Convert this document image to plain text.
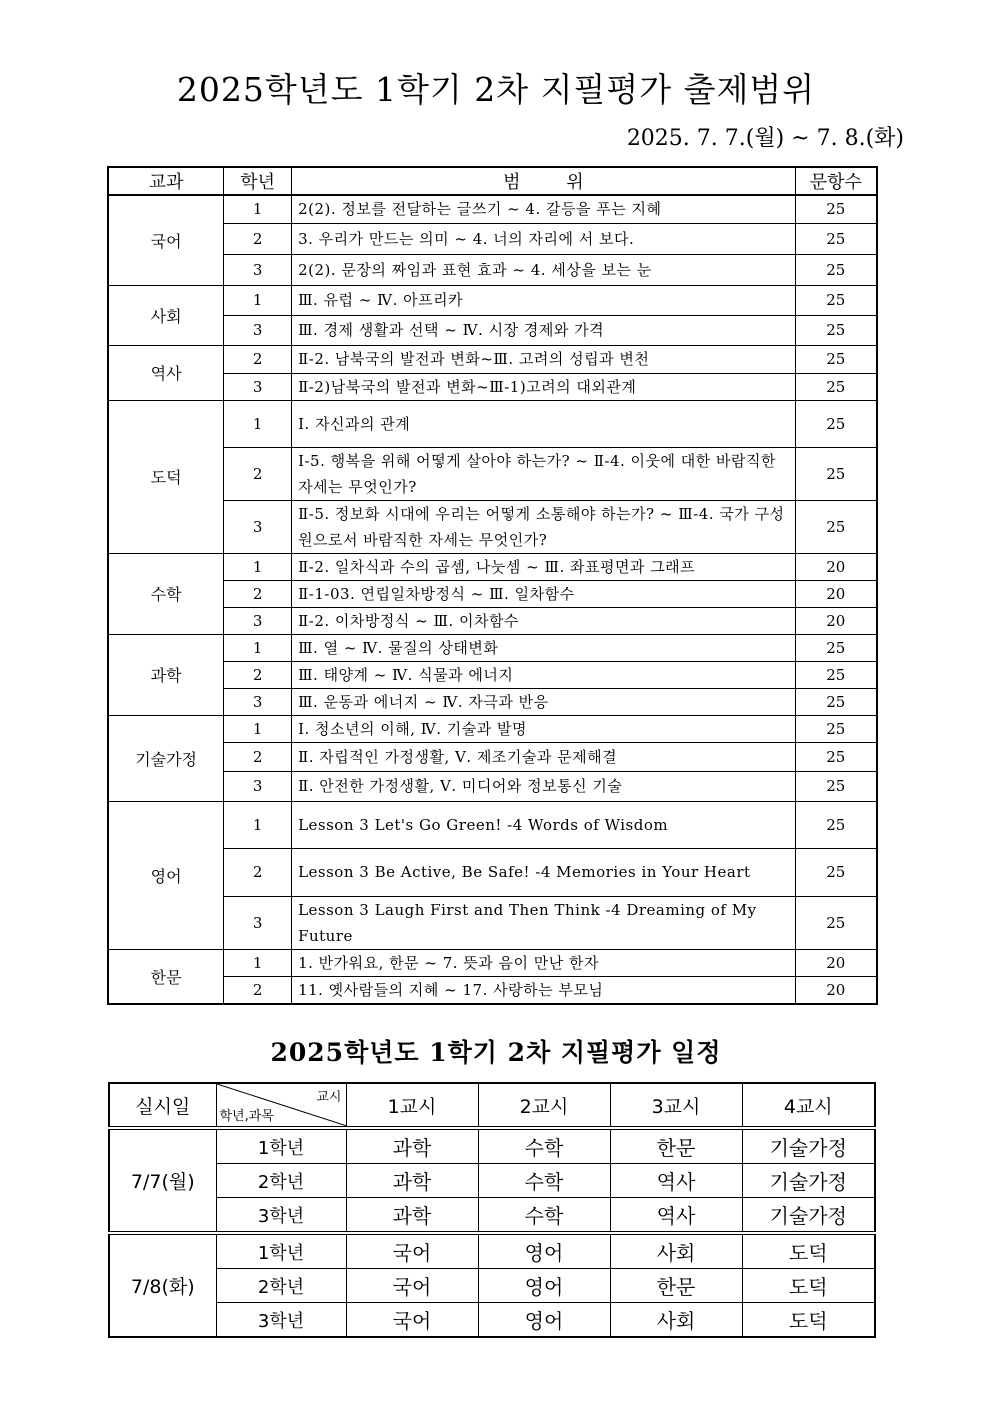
2025학년도 1학기 2차 지필평가 출제범위
2025. 7. 7.(월) ~ 7. 8.(화)
교과	학년	범        위	문항수
국어	1	2(2). 정보를 전달하는 글쓰기 ~ 4. 갈등을 푸는 지혜	25
	2	3. 우리가 만드는 의미 ~ 4. 너의 자리에 서 보다.	25
	3	2(2). 문장의 짜임과 표현 효과 ~ 4. 세상을 보는 눈	25
사회	1	Ⅲ. 유럽 ~ Ⅳ. 아프리카	25
	3	Ⅲ. 경제 생활과 선택 ~ Ⅳ. 시장 경제와 가격	25
역사	2	Ⅱ-2. 남북국의 발전과 변화~Ⅲ. 고려의 성립과 변천	25
	3	Ⅱ-2)남북국의 발전과 변화~Ⅲ-1)고려의 대외관계	25
도덕	1	Ⅰ. 자신과의 관계	25
	2	Ⅰ-5. 행복을 위해 어떻게 살아야 하는가? ~ Ⅱ-4. 이웃에 대한 바람직한 자세는 무엇인가?	25
	3	Ⅱ-5. 정보화 시대에 우리는 어떻게 소통해야 하는가? ~ Ⅲ-4. 국가 구성원으로서 바람직한 자세는 무엇인가?	25
수학	1	Ⅱ-2. 일차식과 수의 곱셈, 나눗셈 ~ Ⅲ. 좌표평면과 그래프	20
	2	Ⅱ-1-03. 연립일차방정식 ~ Ⅲ. 일차함수	20
	3	Ⅱ-2. 이차방정식 ~ Ⅲ. 이차함수	20
과학	1	Ⅲ. 열 ~ Ⅳ. 물질의 상태변화	25
	2	Ⅲ. 태양계 ~ Ⅳ. 식물과 에너지	25
	3	Ⅲ. 운동과 에너지 ~ Ⅳ. 자극과 반응	25
기술가정	1	Ⅰ. 청소년의 이해, Ⅳ. 기술과 발명	25
	2	Ⅱ. 자립적인 가정생활, Ⅴ. 제조기술과 문제해결	25
	3	Ⅱ. 안전한 가정생활, Ⅴ. 미디어와 정보통신 기술	25
영어	1	Lesson 3 Let's Go Green! -4 Words of Wisdom	25
	2	Lesson 3 Be Active, Be Safe! -4 Memories in Your Heart	25
	3	Lesson 3 Laugh First and Then Think -4 Dreaming of My Future	25
한문	1	1. 반가워요, 한문 ~ 7. 뜻과 음이 만난 한자	20
	2	11. 옛사람들의 지혜 ~ 17. 사랑하는 부모님	20
2025학년도 1학기 2차 지필평가 일정
실시일	교시
학년,과목	1교시	2교시	3교시	4교시
7/7(월)	1학년	과학	수학	한문	기술가정
	2학년	과학	수학	역사	기술가정
	3학년	과학	수학	역사	기술가정
7/8(화)	1학년	국어	영어	사회	도덕
	2학년	국어	영어	한문	도덕
	3학년	국어	영어	사회	도덕
